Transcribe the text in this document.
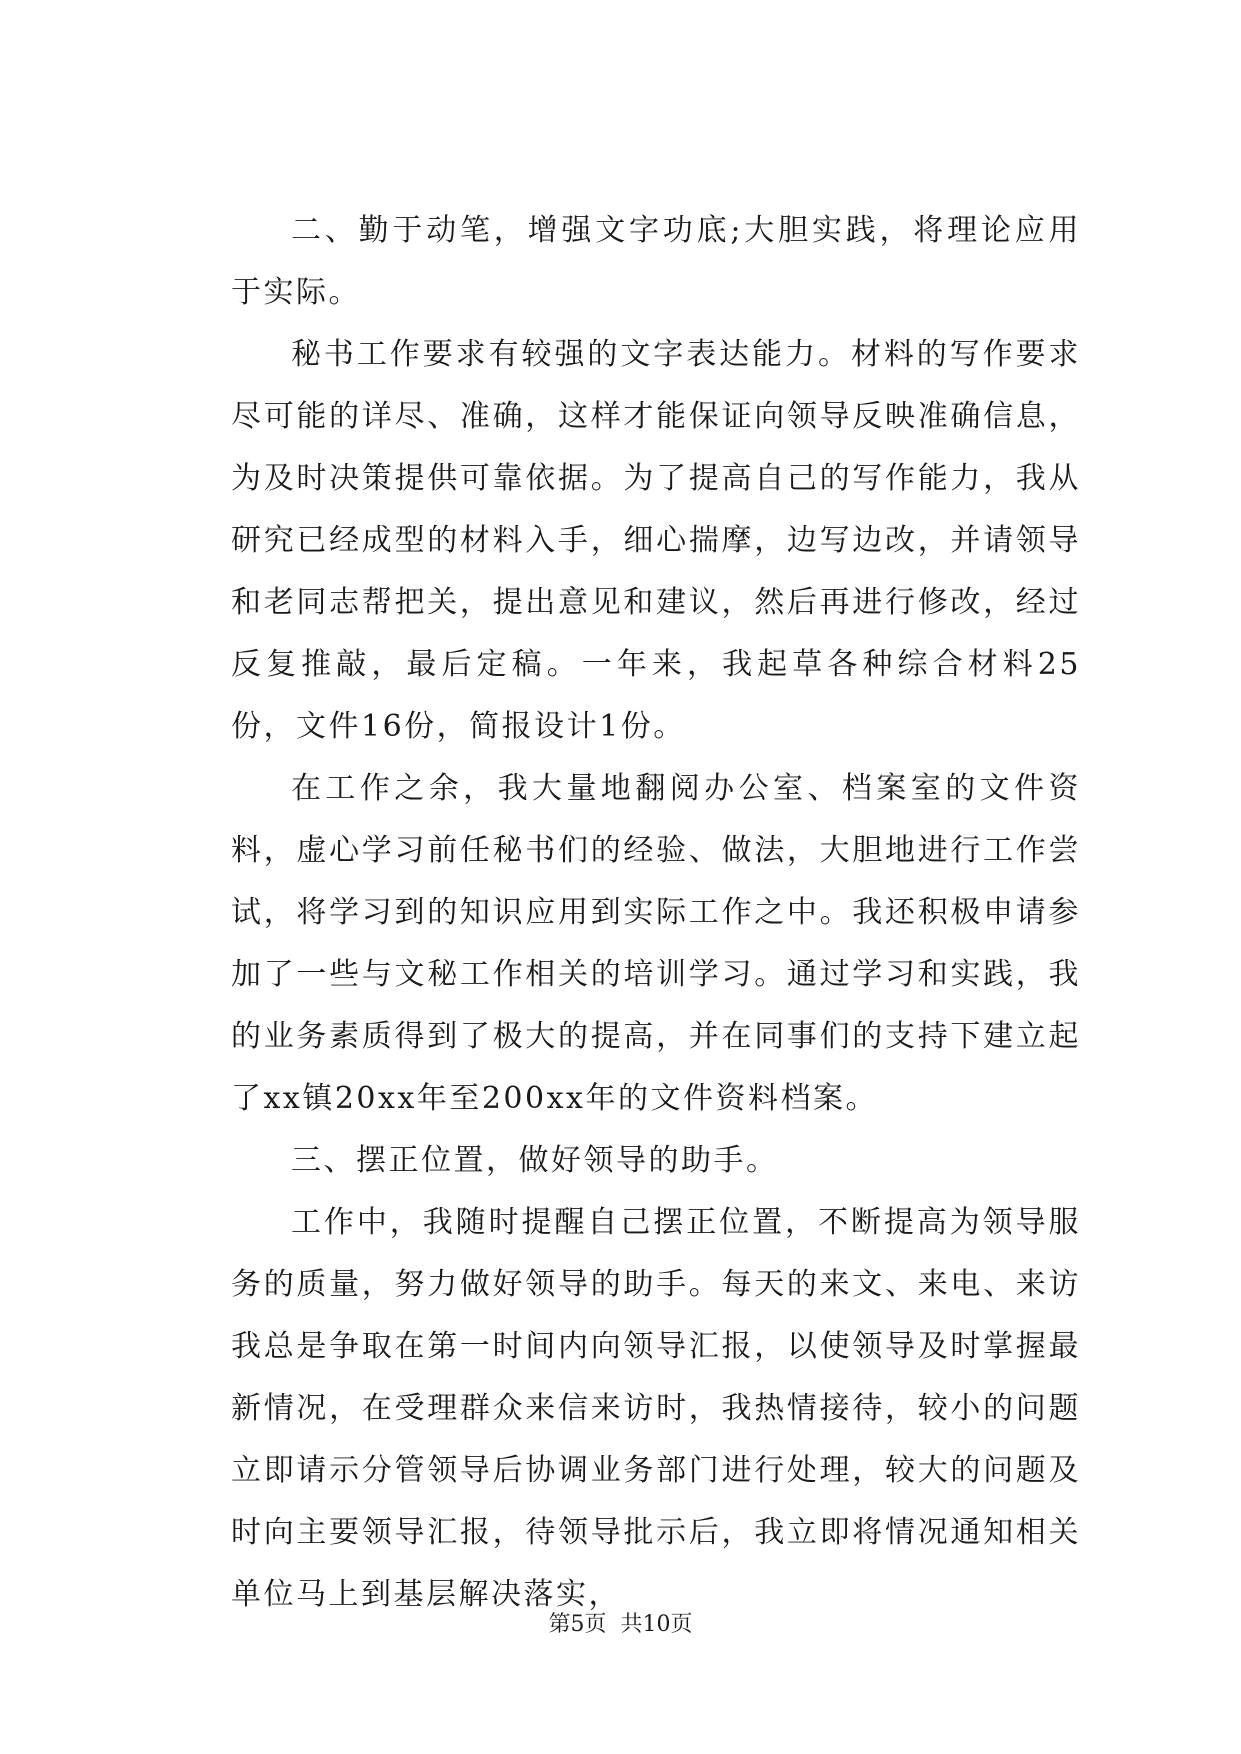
二、勤于动笔，增强文字功底;大胆实践，将理论应用于实际。

秘书工作要求有较强的文字表达能力。材料的写作要求尽可能的详尽、准确，这样才能保证向领导反映准确信息，为及时决策提供可靠依据。为了提高自己的写作能力，我从研究已经成型的材料入手，细心揣摩，边写边改，并请领导和老同志帮把关，提出意见和建议，然后再进行修改，经过反复推敲，最后定稿。一年来，我起草各种综合材料25份，文件16份，简报设计1份。

在工作之余，我大量地翻阅办公室、档案室的文件资料，虚心学习前任秘书们的经验、做法，大胆地进行工作尝试，将学习到的知识应用到实际工作之中。我还积极申请参加了一些与文秘工作相关的培训学习。通过学习和实践，我的业务素质得到了极大的提高，并在同事们的支持下建立起了xx镇20xx年至200xx年的文件资料档案。

三、摆正位置，做好领导的助手。

工作中，我随时提醒自己摆正位置，不断提高为领导服务的质量，努力做好领导的助手。每天的来文、来电、来访我总是争取在第一时间内向领导汇报，以使领导及时掌握最新情况，在受理群众来信来访时，我热情接待，较小的问题立即请示分管领导后协调业务部门进行处理，较大的问题及时向主要领导汇报，待领导批示后，我立即将情况通知相关单位马上到基层解决落实，

第5页  共10页
